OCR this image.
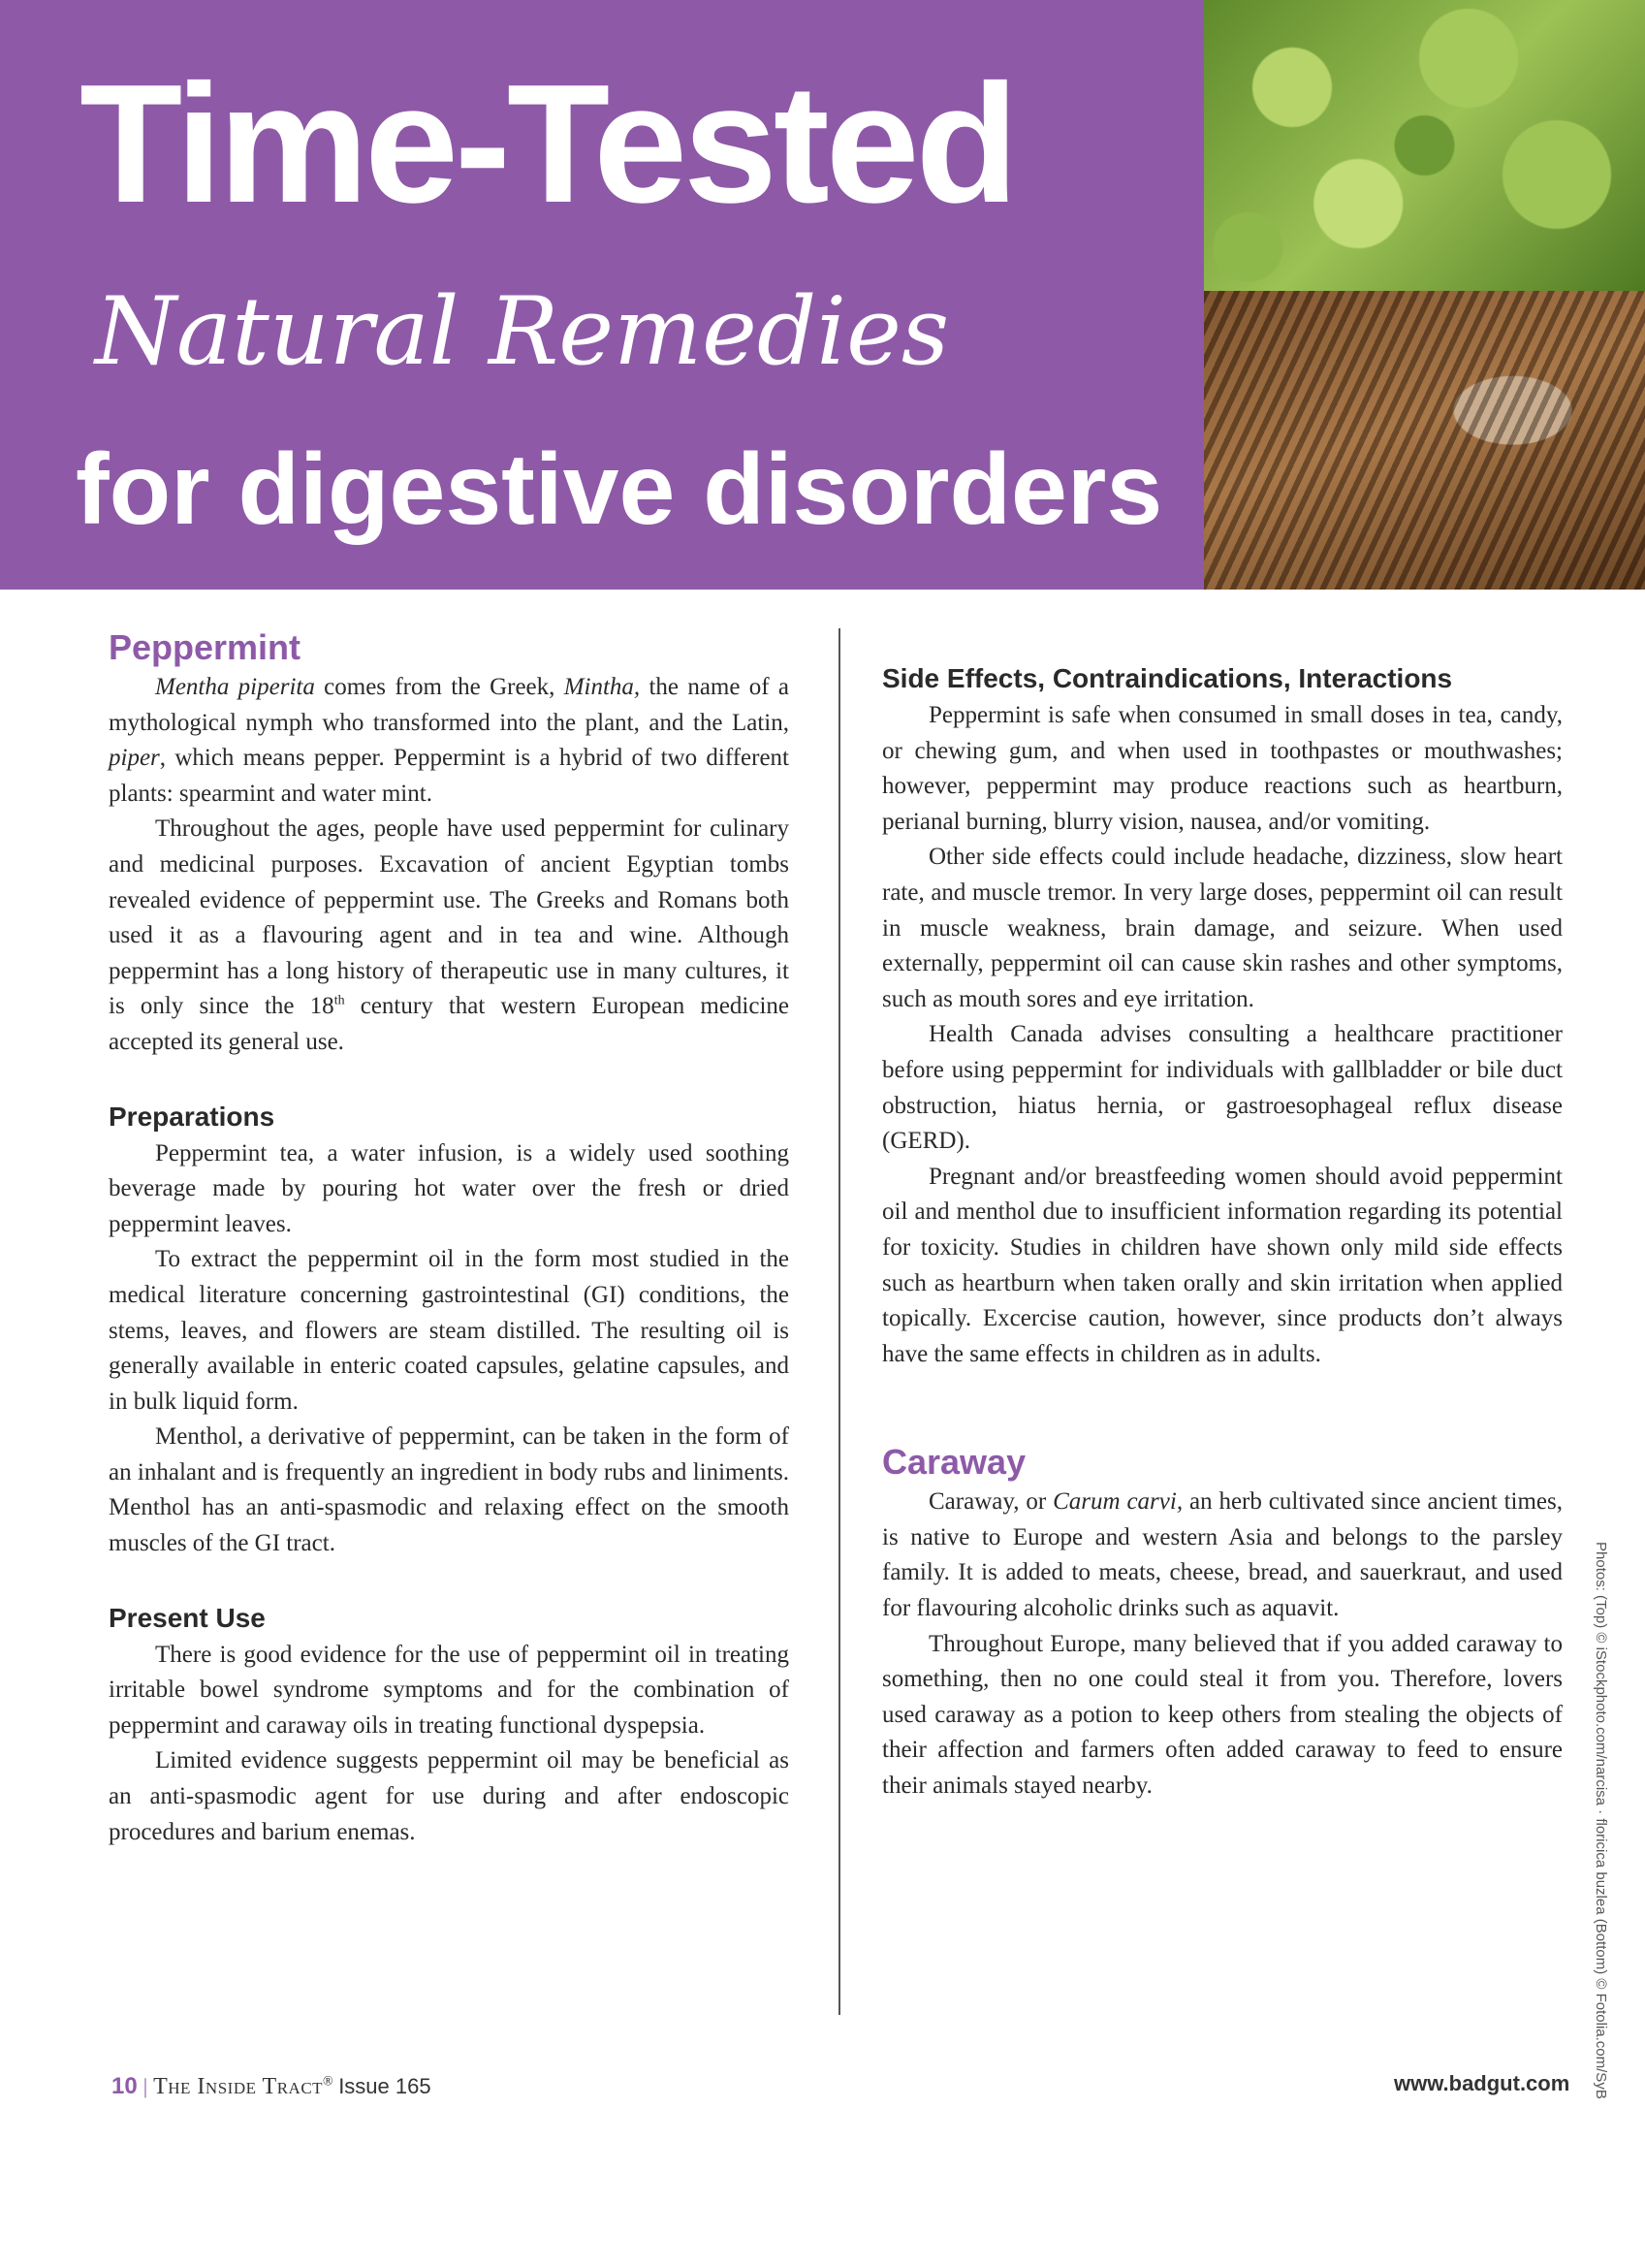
Time-Tested
Natural Remedies
for digestive disorders
Peppermint

Mentha piperita comes from the Greek, Mintha, the name of a mythological nymph who transformed into the plant, and the Latin, piper, which means pepper. Peppermint is a hybrid of two different plants: spearmint and water mint.

Throughout the ages, people have used peppermint for culinary and medicinal purposes. Excavation of ancient Egyptian tombs revealed evidence of peppermint use. The Greeks and Romans both used it as a flavouring agent and in tea and wine. Although peppermint has a long history of therapeutic use in many cultures, it is only since the 18th century that western European medicine accepted its general use.

Preparations

Peppermint tea, a water infusion, is a widely used soothing beverage made by pouring hot water over the fresh or dried peppermint leaves.

To extract the peppermint oil in the form most studied in the medical literature concerning gastrointestinal (GI) conditions, the stems, leaves, and flowers are steam distilled. The resulting oil is generally available in enteric coated capsules, gelatine capsules, and in bulk liquid form.

Menthol, a derivative of peppermint, can be taken in the form of an inhalant and is frequently an ingredient in body rubs and liniments. Menthol has an anti-spasmodic and relaxing effect on the smooth muscles of the GI tract.

Present Use

There is good evidence for the use of peppermint oil in treating irritable bowel syndrome symptoms and for the combination of peppermint and caraway oils in treating functional dyspepsia.

Limited evidence suggests peppermint oil may be beneficial as an anti-spasmodic agent for use during and after endoscopic procedures and barium enemas.

Side Effects, Contraindications, Interactions

Peppermint is safe when consumed in small doses in tea, candy, or chewing gum, and when used in toothpastes or mouthwashes; however, peppermint may produce reactions such as heartburn, perianal burning, blurry vision, nausea, and/or vomiting.

Other side effects could include headache, dizziness, slow heart rate, and muscle tremor. In very large doses, peppermint oil can result in muscle weakness, brain damage, and seizure. When used externally, peppermint oil can cause skin rashes and other symptoms, such as mouth sores and eye irritation.

Health Canada advises consulting a healthcare practitioner before using peppermint for individuals with gallbladder or bile duct obstruction, hiatus hernia, or gastroesophageal reflux disease (GERD).

Pregnant and/or breastfeeding women should avoid peppermint oil and menthol due to insufficient information regarding its potential for toxicity. Studies in children have shown only mild side effects such as heartburn when taken orally and skin irritation when applied topically. Excercise caution, however, since products don’t always have the same effects in children as in adults.

Caraway

Caraway, or Carum carvi, an herb cultivated since ancient times, is native to Europe and western Asia and belongs to the parsley family. It is added to meats, cheese, bread, and sauerkraut, and used for flavouring alcoholic drinks such as aquavit.

Throughout Europe, many believed that if you added caraway to something, then no one could steal it from you. Therefore, lovers used caraway as a potion to keep others from stealing the objects of their affection and farmers often added caraway to feed to ensure their animals stayed nearby.	Photos: (Top) © iStockphoto.com/narcisa · floricica buzlea (Bottom) © Fotolia.com/SyB
10 | The Inside Tract® Issue 165	www.badgut.com
